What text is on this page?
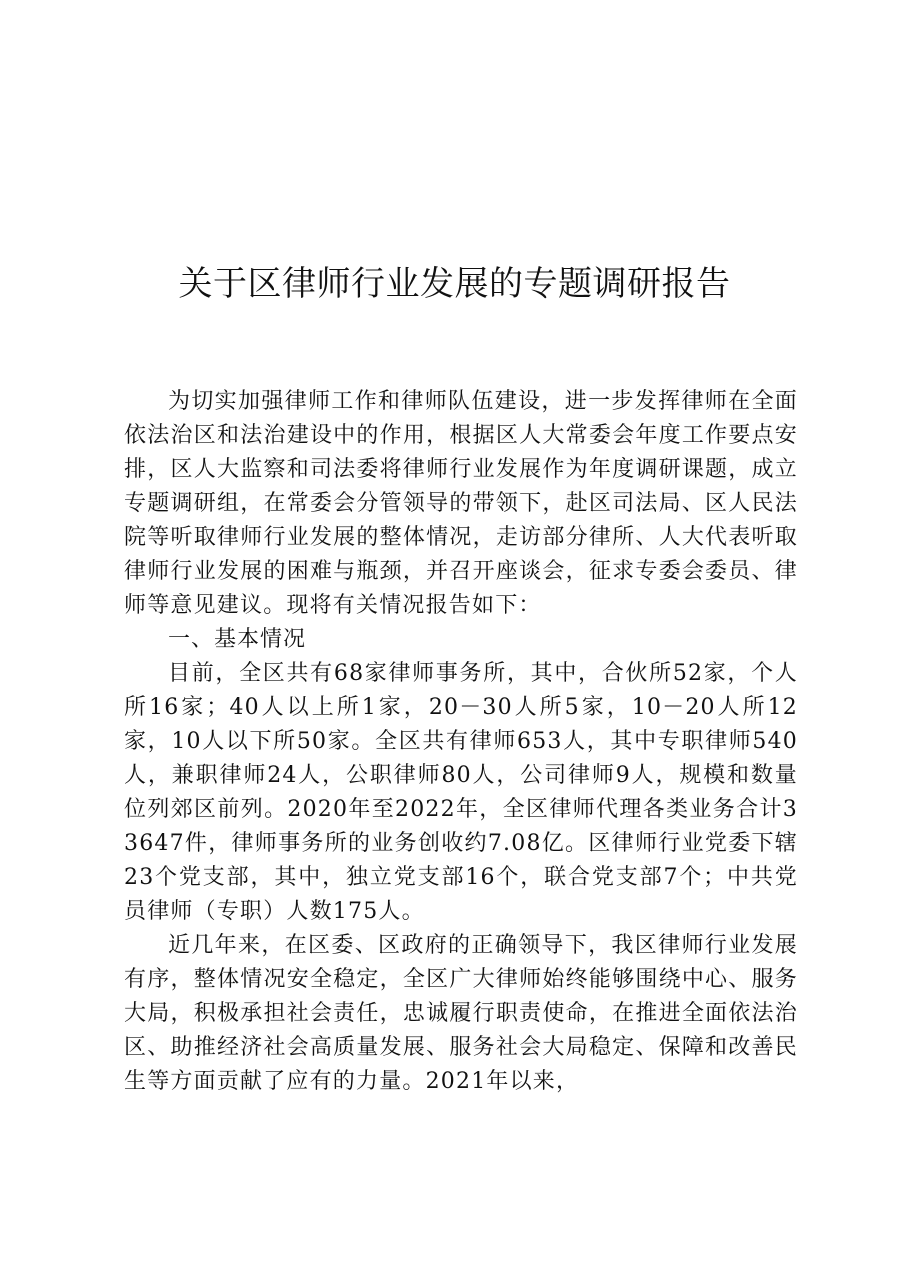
关于区律师行业发展的专题调研报告

为切实加强律师工作和律师队伍建设，进一步发挥律师在全面依法治区和法治建设中的作用，根据区人大常委会年度工作要点安排，区人大监察和司法委将律师行业发展作为年度调研课题，成立专题调研组，在常委会分管领导的带领下，赴区司法局、区人民法院等听取律师行业发展的整体情况，走访部分律所、人大代表听取律师行业发展的困难与瓶颈，并召开座谈会，征求专委会委员、律师等意见建议。现将有关情况报告如下：

一、基本情况

目前，全区共有68家律师事务所，其中，合伙所52家，个人所16家；40人以上所1家，20－30人所5家，10－20人所12家，10人以下所50家。全区共有律师653人，其中专职律师540人，兼职律师24人，公职律师80人，公司律师9人，规模和数量位列郊区前列。2020年至2022年，全区律师代理各类业务合计33647件，律师事务所的业务创收约7.08亿。区律师行业党委下辖23个党支部，其中，独立党支部16个，联合党支部7个；中共党员律师（专职）人数175人。

近几年来，在区委、区政府的正确领导下，我区律师行业发展有序，整体情况安全稳定，全区广大律师始终能够围绕中心、服务大局，积极承担社会责任，忠诚履行职责使命，在推进全面依法治区、助推经济社会高质量发展、服务社会大局稳定、保障和改善民生等方面贡献了应有的力量。2021年以来，
